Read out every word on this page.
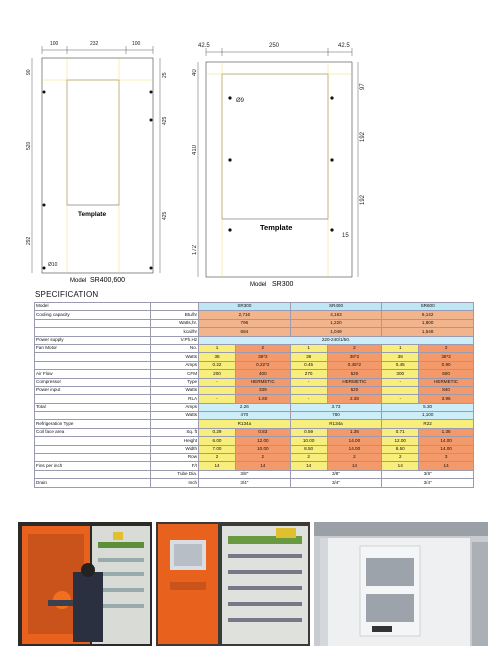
100	232	100
90
520
292
25
425
425
Template
Ø10
Model SR400,600
42.5	250	42.5
40
410
172
97
192
192
15
Ø9
Template
Model SR300
SPECIFICATION
Model		SR300		SR400		SR600	
Cooling capacity	Btu/hr	2,716		4,163		6,142	
	Watts,hr.	796		1,220		1,800	
	kcal/hr	684		1,049		1,548	
Power supply	V.Ph.Hz	220-240/1/50.					
Fan Motor	No.	1	2	1	2	1	2
	Watts	38	38*2	38	38*2	38	38*2
	Amps	0.22	0.22*2	0.45	0.45*2	0.45	0.90
Air Flow	CFM	200	400	270	520	300	600
Compressor	Type	-	HERMETIC	-	HERMETIC	-	HERMETIC
Power input	Watts		339		520		840
	RLA	-	1.60	-	2.38	-	3.96
Total	Amps	2.26		3.73		5.30	
	Watts	470		780		1,100	
Refrigeration Type		R134a		R134a		R22	
Coil face area	Sq. ft	0.29	0.83	0.59	1.36	0.71	1.36
	Height	6.00	12.00	10.00	14.00	12.00	14.00
	Width	7.00	10.00	8.50	14.00	8.50	14.00
	Row	2	2	2	2	2	3
Fins per inch	F/I	14	14	14	14	14	14
	Tube Dia.	3/8"		3/8"		3/8"	
Drain	Inch	3/4"		3/4"		3/4"	
